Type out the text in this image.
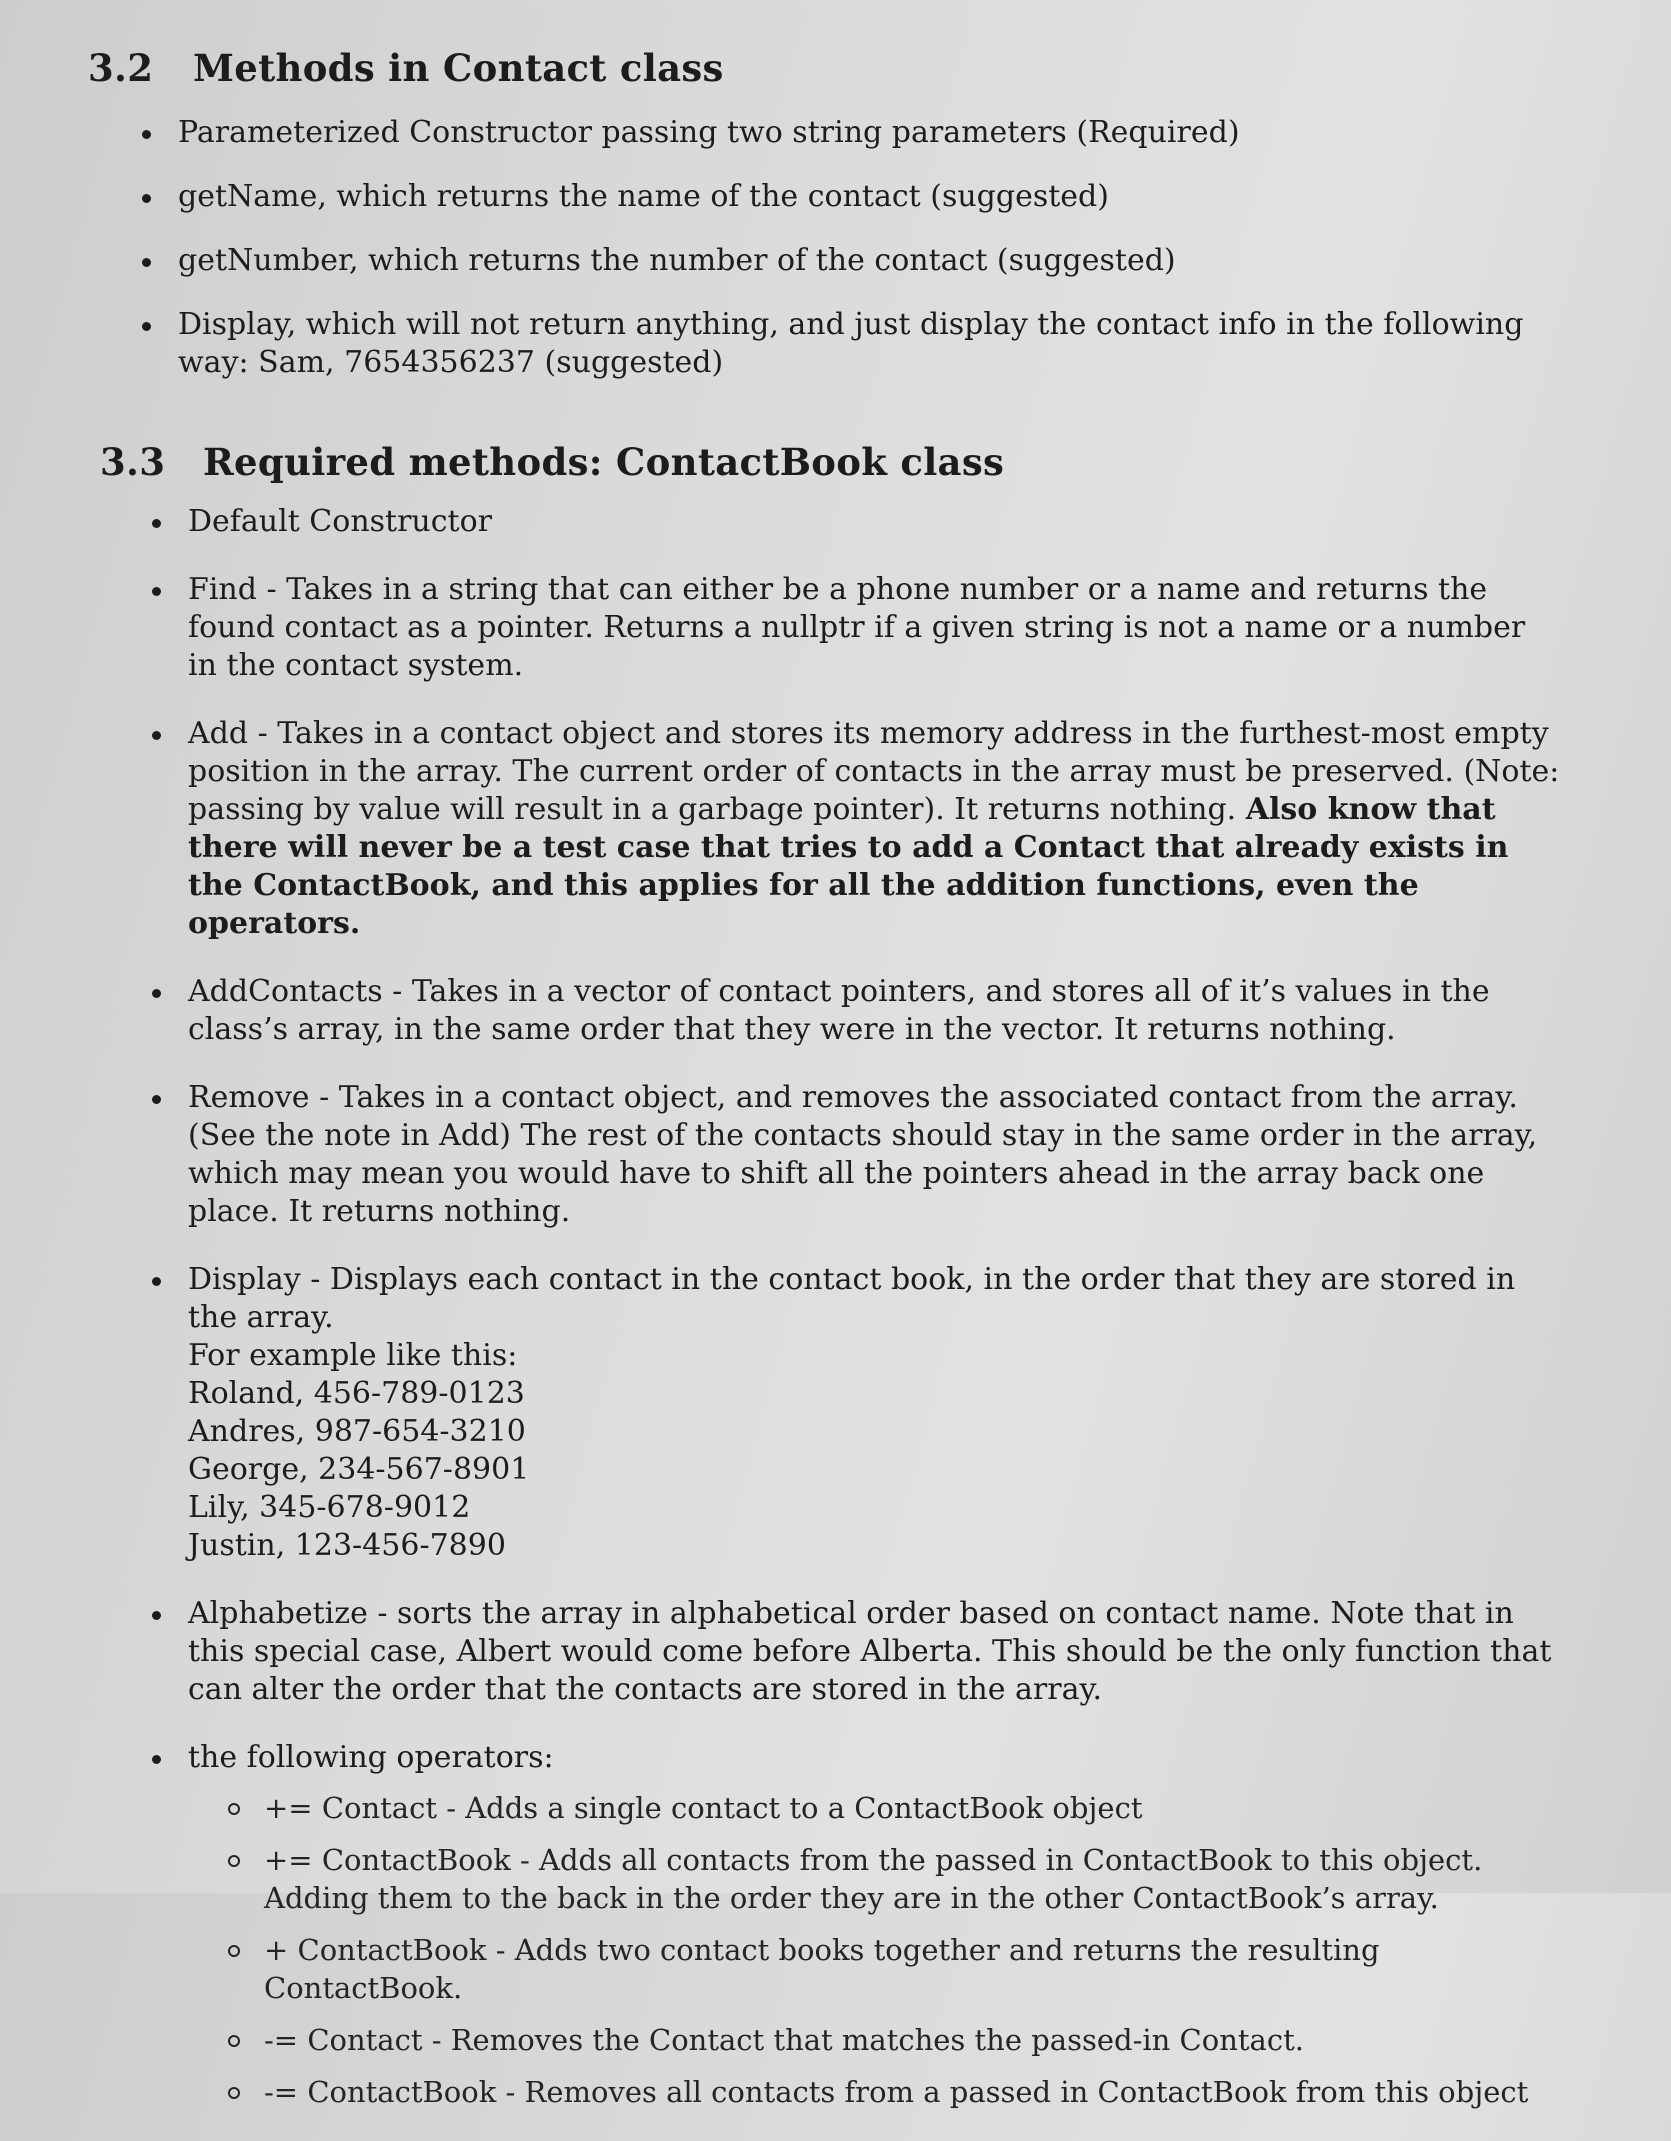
3.2 Methods in Contact class
Parameterized Constructor passing two string parameters (Required)
getName, which returns the name of the contact (suggested)
getNumber, which returns the number of the contact (suggested)
Display, which will not return anything, and just display the contact info in the following way: Sam, 7654356237 (suggested)
3.3 Required methods: ContactBook class
Default Constructor
Find - Takes in a string that can either be a phone number or a name and returns the found contact as a pointer. Returns a nullptr if a given string is not a name or a number in the contact system.
Add - Takes in a contact object and stores its memory address in the furthest-most empty position in the array. The current order of contacts in the array must be preserved. (Note: passing by value will result in a garbage pointer). It returns nothing. Also know that there will never be a test case that tries to add a Contact that already exists in the ContactBook, and this applies for all the addition functions, even the operators.
AddContacts - Takes in a vector of contact pointers, and stores all of it’s values in the class’s array, in the same order that they were in the vector. It returns nothing.
Remove - Takes in a contact object, and removes the associated contact from the array. (See the note in Add) The rest of the contacts should stay in the same order in the array, which may mean you would have to shift all the pointers ahead in the array back one place. It returns nothing.
Display - Displays each contact in the contact book, in the order that they are stored in the array.
For example like this:
Roland, 456-789-0123
Andres, 987-654-3210
George, 234-567-8901
Lily, 345-678-9012
Justin, 123-456-7890
Alphabetize - sorts the array in alphabetical order based on contact name. Note that in this special case, Albert would come before Alberta. This should be the only function that can alter the order that the contacts are stored in the array.
the following operators:
+= Contact - Adds a single contact to a ContactBook object
+= ContactBook - Adds all contacts from the passed in ContactBook to this object. Adding them to the back in the order they are in the other ContactBook’s array.
+ ContactBook - Adds two contact books together and returns the resulting ContactBook.
-= Contact - Removes the Contact that matches the passed-in Contact.
-= ContactBook - Removes all contacts from a passed in ContactBook from this object
